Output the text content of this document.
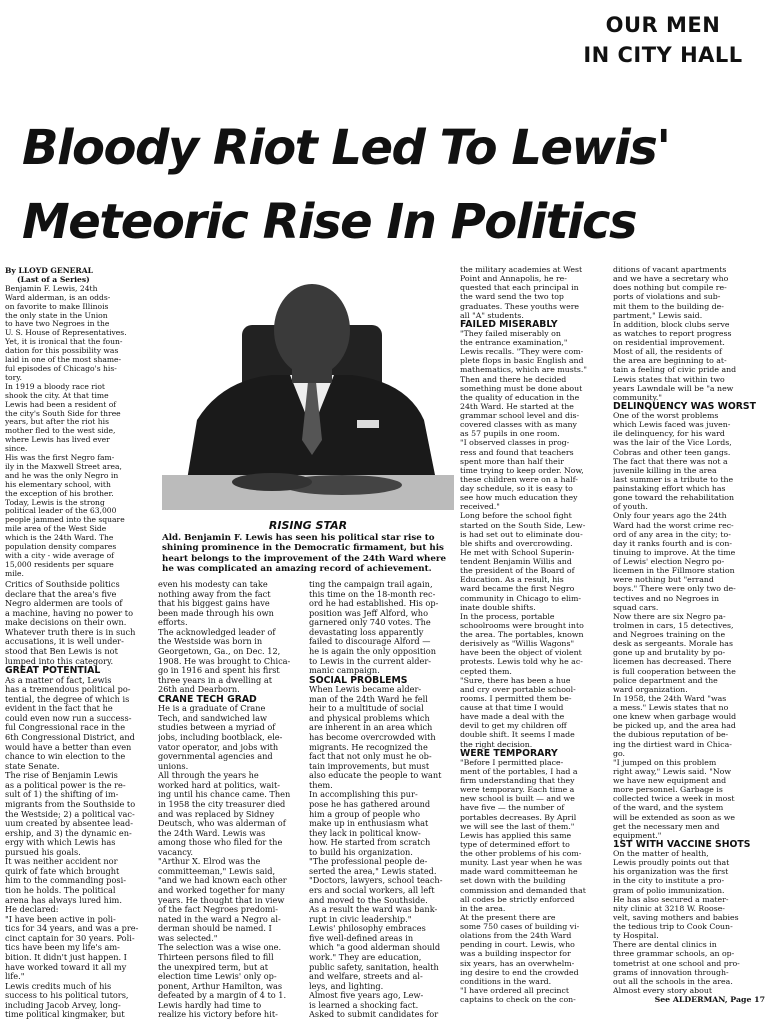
OUR MEN
IN CITY HALL
Bloody Riot Led To Lewis'
Meteoric Rise In Politics
By LLOYD GENERAL
(Last of a Series)
Benjamin F. Lewis, 24th
Ward alderman, is an odds-
on favorite to make Illinois
the only state in the Union
to have two Negroes in the
U. S. House of Representatives.
Yet, it is ironical that the foun-
dation for this possibility was
laid in one of the most shame-
ful episodes of Chicago's his-
tory.
In 1919 a bloody race riot
shook the city. At that time
Lewis had been a resident of
the city's South Side for three
years, but after the riot his
mother fled to the west side,
where Lewis has lived ever
since.
His was the first Negro fam-
ily in the Maxwell Street area,
and he was the only Negro in
his elementary school, with
the exception of his brother.
Today, Lewis is the strong
political leader of the 63,000
people jammed into the square
mile area of the West Side
which is the 24th Ward. The
population density compares
with a city - wide average of
15,000 residents per square
mile.
RISING STAR
Ald. Benjamin F. Lewis has seen his political star rise to
shining prominence in the Democratic firmament, but his
heart belongs to the improvement of the 24th Ward where
he was complicated an amazing record of achievement.
Critics of Southside politics
declare that the area's five
Negro aldermen are tools of
a machine, having no power to
make decisions on their own.
Whatever truth there is in such
accusations, it is well under-
stood that Ben Lewis is not
lumped into this category.
GREAT POTENTIAL
As a matter of fact, Lewis
has a tremendous political po-
tential, the degree of which is
evident in the fact that he
could even now run a success-
ful Congressional race in the
6th Congressional District, and
would have a better than even
chance to win election to the
state Senate.
The rise of Benjamin Lewis
as a political power is the re-
sult of 1) the shifting of im-
migrants from the Southside to
the Westside; 2) a political vac-
uum created by absentee lead-
ership, and 3) the dynamic en-
ergy with which Lewis has
pursued his goals.
It was neither accident nor
quirk of fate which brought
him to the commanding posi-
tion he holds. The political
arena has always lured him.
He declared:
"I have been active in poli-
tics for 34 years, and was a pre-
cinct captain for 30 years. Poli-
tics have been my life's am-
bition. It didn't just happen. I
have worked toward it all my
life."
Lewis credits much of his
success to his political tutors,
including Jacob Arvey, long-
time political kingmaker, but
even his modesty can take
nothing away from the fact
that his biggest gains have
been made through his own
efforts.
The acknowledged leader of
the Westside was born in
Georgetown, Ga., on Dec. 12,
1908. He was brought to Chica-
go in 1916 and spent his first
three years in a dwelling at
26th and Dearborn.
CRANE TECH GRAD
He is a graduate of Crane
Tech, and sandwiched law
studies between a myriad of
jobs, including bootblack, ele-
vator operator, and jobs with
governmental agencies and
unions.
All through the years he
worked hard at politics, wait-
ing until his chance came. Then
in 1958 the city treasurer died
and was replaced by Sidney
Deutsch, who was alderman of
the 24th Ward. Lewis was
among those who filed for the
vacancy.
"Arthur X. Elrod was the
committeeman," Lewis said,
"and we had known each other
and worked together for many
years. He thought that in view
of the fact Negroes predomi-
nated in the ward a Negro al-
derman should be named. I
was selected."
The selection was a wise one.
Thirteen persons filed to fill
the unexpired term, but at
election time Lewis' only op-
ponent, Arthur Hamilton, was
defeated by a margin of 4 to 1.
Lewis hardly had time to
realize his victory before hit-
ting the campaign trail again,
this time on the 18-month rec-
ord he had established. His op-
position was Jeff Alford, who
garnered only 740 votes. The
devastating loss apparently
failed to discourage Alford —
he is again the only opposition
to Lewis in the current alder-
manic campaign.
SOCIAL PROBLEMS
When Lewis became alder-
man of the 24th Ward he fell
heir to a multitude of social
and physical problems which
are inherent in an area which
has become overcrowded with
migrants. He recognized the
fact that not only must he ob-
tain improvements, but must
also educate the people to want
them.
In accomplishing this pur-
pose he has gathered around
him a group of people who
make up in enthusiasm what
they lack in political know-
how. He started from scratch
to build his organization.
"The professional people de-
serted the area," Lewis stated.
"Doctors, lawyers, school teach-
ers and social workers, all left
and moved to the Southside.
As a result the ward was bank-
rupt in civic leadership."
Lewis' philosophy embraces
five well-defined areas in
which "a good alderman should
work." They are education,
public safety, sanitation, health
and welfare, streets and al-
leys, and lighting.
Almost five years ago, Lew-
is learned a shocking fact.
Asked to submit candidates for
the military academies at West
Point and Annapolis, he re-
quested that each principal in
the ward send the two top
graduates. These youths were
all "A" students.
FAILED MISERABLY
"They failed miserably on
the entrance examination,"
Lewis recalls. "They were com-
plete flops in basic English and
mathematics, which are musts."
Then and there he decided
something must be done about
the quality of education in the
24th Ward. He started at the
grammar school level and dis-
covered classes with as many
as 57 pupils in one room.
"I observed classes in prog-
ress and found that teachers
spent more than half their
time trying to keep order. Now,
these children were on a half-
day schedule, so it is easy to
see how much education they
received."
Long before the school fight
started on the South Side, Lew-
is had set out to eliminate dou-
ble shifts and overcrowding.
He met with School Superin-
tendent Benjamin Willis and
the president of the Board of
Education. As a result, his
ward became the first Negro
community in Chicago to elim-
inate double shifts.
In the process, portable
schoolrooms were brought into
the area. The portables, known
derisively as "Willis Wagons"
have been the object of violent
protests. Lewis told why he ac-
cepted them.
"Sure, there has been a hue
and cry over portable school-
rooms. I permitted them be-
cause at that time I would
have made a deal with the
devil to get my children off
double shift. It seems I made
the right decision.
WERE TEMPORARY
"Before I permitted place-
ment of the portables, I had a
firm understanding that they
were temporary. Each time a
new school is built — and we
have five — the number of
portables decreases. By April
we will see the last of them."
Lewis has applied this same
type of determined effort to
the other problems of his com-
munity. Last year when he was
made ward committeeman he
set down with the building
commission and demanded that
all codes be strictly enforced
in the area.
At the present there are
some 750 cases of building vi-
olations from the 24th Ward
pending in court. Lewis, who
was a building inspector for
six years, has an overwhelm-
ing desire to end the crowded
conditions in the ward.
"I have ordered all precinct
captains to check on the con-
ditions of vacant apartments
and we have a secretary who
does nothing but compile re-
ports of violations and sub-
mit them to the building de-
partment," Lewis said.
In addition, block clubs serve
as watches to report progress
on residential improvement.
Most of all, the residents of
the area are beginning to at-
tain a feeling of civic pride and
Lewis states that within two
years Lawndale will be "a new
community."
DELINQUENCY WAS WORST
One of the worst problems
which Lewis faced was juven-
ile delinquency, for his ward
was the lair of the Vice Lords,
Cobras and other teen gangs.
The fact that there was not a
juvenile killing in the area
last summer is a tribute to the
painstaking effort which has
gone toward the rehabilitation
of youth.
Only four years ago the 24th
Ward had the worst crime rec-
ord of any area in the city; to-
day it ranks fourth and is con-
tinuing to improve. At the time
of Lewis' election Negro po-
licemen in the Fillmore station
were nothing but "errand
boys." There were only two de-
tectives and no Negroes in
squad cars.
Now there are six Negro pa-
trolmen in cars, 15 detectives,
and Negroes training on the
desk as sergeants. Morale has
gone up and brutality by po-
licemen has decreased. There
is full cooperation between the
police department and the
ward organization.
In 1958, the 24th Ward "was
a mess." Lewis states that no
one knew when garbage would
be picked up, and the area had
the dubious reputation of be-
ing the dirtiest ward in Chica-
go.
"I jumped on this problem
right away," Lewis said. "Now
we have new equipment and
more personnel. Garbage is
collected twice a week in most
of the ward, and the system
will be extended as soon as we
get the necessary men and
equipment."
1ST WITH VACCINE SHOTS
On the matter of health,
Lewis proudly points out that
his organization was the first
in the city to institute a pro-
gram of polio immunization.
He has also secured a mater-
nity clinic at 3218 W. Roose-
velt, saving mothers and babies
the tedious trip to Cook Coun-
ty Hospital.
There are dental clinics in
three grammar schools, an op-
tometrist at one school and pro-
grams of innovation through-
out all the schools in the area.
Almost every story about
See ALDERMAN, Page 17
